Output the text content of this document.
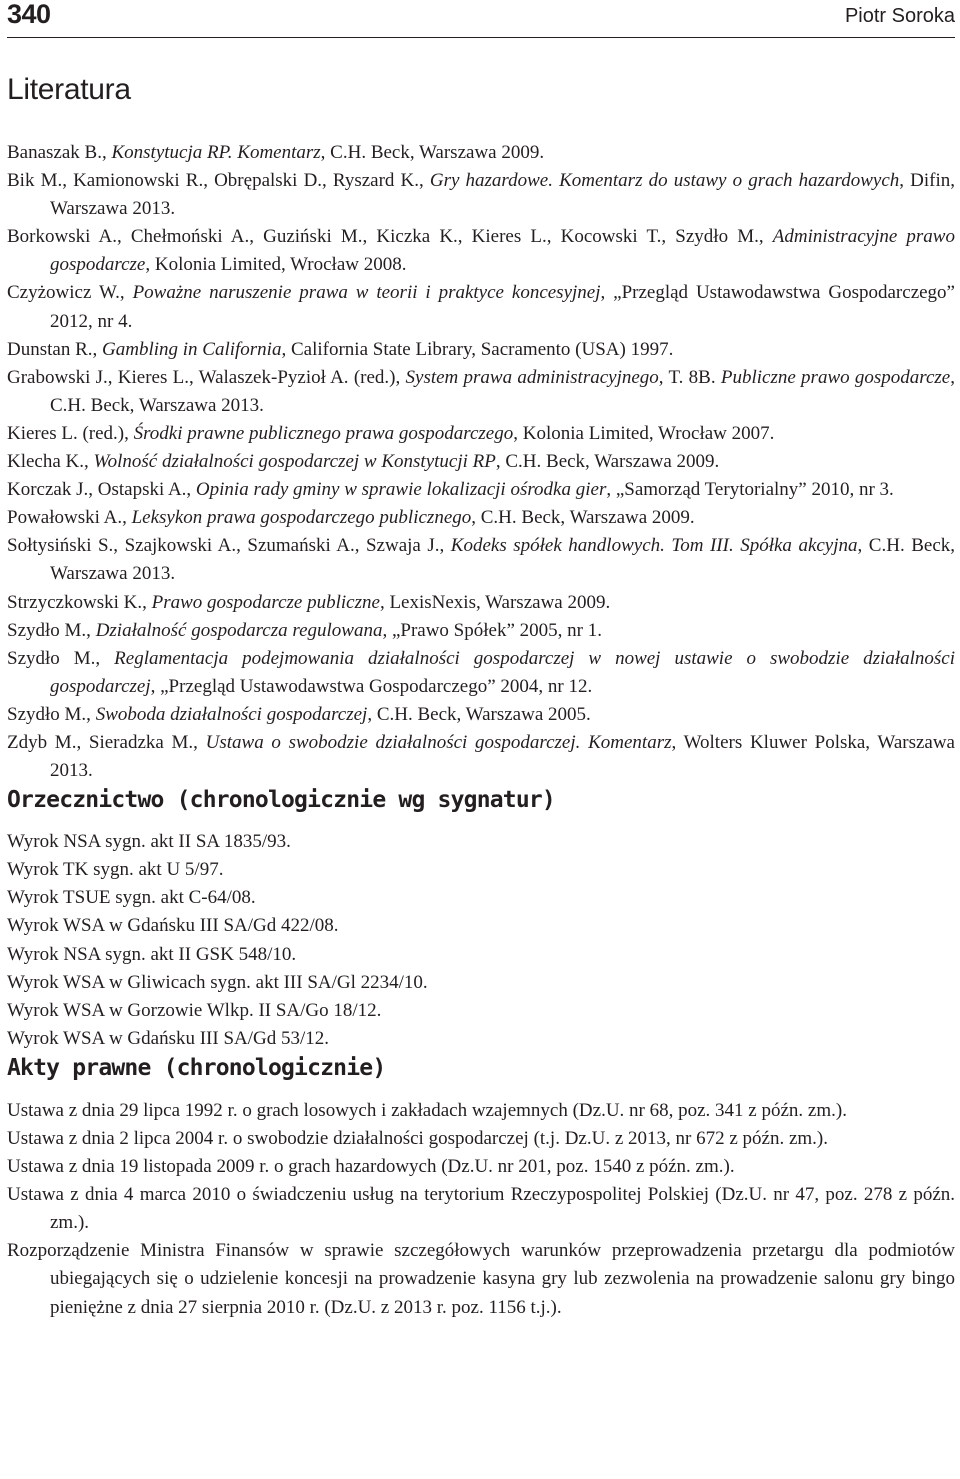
340	Piotr Soroka
Literatura
Banaszak B., Konstytucja RP. Komentarz, C.H. Beck, Warszawa 2009.
Bik M., Kamionowski R., Obrępalski D., Ryszard K., Gry hazardowe. Komentarz do ustawy o grach hazardowych, Difin, Warszawa 2013.
Borkowski A., Chełmoński A., Guziński M., Kiczka K., Kieres L., Kocowski T., Szydło M., Administracyjne prawo gospodarcze, Kolonia Limited, Wrocław 2008.
Czyżowicz W., Poważne naruszenie prawa w teorii i praktyce koncesyjnej, „Przegląd Ustawodawstwa Gospodarczego” 2012, nr 4.
Dunstan R., Gambling in California, California State Library, Sacramento (USA) 1997.
Grabowski J., Kieres L., Walaszek-Pyzioł A. (red.), System prawa administracyjnego, T. 8B. Publiczne prawo gospodarcze, C.H. Beck, Warszawa 2013.
Kieres L. (red.), Środki prawne publicznego prawa gospodarczego, Kolonia Limited, Wrocław 2007.
Klecha K., Wolność działalności gospodarczej w Konstytucji RP, C.H. Beck, Warszawa 2009.
Korczak J., Ostapski A., Opinia rady gminy w sprawie lokalizacji ośrodka gier, „Samorząd Terytorialny” 2010, nr 3.
Powałowski A., Leksykon prawa gospodarczego publicznego, C.H. Beck, Warszawa 2009.
Sołtysiński S., Szajkowski A., Szumański A., Szwaja J., Kodeks spółek handlowych. Tom III. Spółka akcyjna, C.H. Beck, Warszawa 2013.
Strzyczkowski K., Prawo gospodarcze publiczne, LexisNexis, Warszawa 2009.
Szydło M., Działalność gospodarcza regulowana, „Prawo Spółek” 2005, nr 1.
Szydło M., Reglamentacja podejmowania działalności gospodarczej w nowej ustawie o swobodzie działalności gospodarczej, „Przegląd Ustawodawstwa Gospodarczego” 2004, nr 12.
Szydło M., Swoboda działalności gospodarczej, C.H. Beck, Warszawa 2005.
Zdyb M., Sieradzka M., Ustawa o swobodzie działalności gospodarczej. Komentarz, Wolters Kluwer Polska, Warszawa 2013.
Orzecznictwo (chronologicznie wg sygnatur)
Wyrok NSA sygn. akt II SA 1835/93.
Wyrok TK sygn. akt U 5/97.
Wyrok TSUE sygn. akt C-64/08.
Wyrok WSA w Gdańsku III SA/Gd 422/08.
Wyrok NSA sygn. akt II GSK 548/10.
Wyrok WSA w Gliwicach sygn. akt III SA/Gl 2234/10.
Wyrok WSA w Gorzowie Wlkp. II SA/Go 18/12.
Wyrok WSA w Gdańsku III SA/Gd 53/12.
Akty prawne (chronologicznie)
Ustawa z dnia 29 lipca 1992 r. o grach losowych i zakładach wzajemnych (Dz.U. nr 68, poz. 341 z późn. zm.).
Ustawa z dnia 2 lipca 2004 r. o swobodzie działalności gospodarczej (t.j. Dz.U. z 2013, nr 672 z późn. zm.).
Ustawa z dnia 19 listopada 2009 r. o grach hazardowych (Dz.U. nr 201, poz. 1540 z późn. zm.).
Ustawa z dnia 4 marca 2010 o świadczeniu usług na terytorium Rzeczypospolitej Polskiej (Dz.U. nr 47, poz. 278 z późn. zm.).
Rozporządzenie Ministra Finansów w sprawie szczegółowych warunków przeprowadzenia przetargu dla podmiotów ubiegających się o udzielenie koncesji na prowadzenie kasyna gry lub zezwolenia na prowadzenie salonu gry bingo pieniężne z dnia 27 sierpnia 2010 r. (Dz.U. z 2013 r. poz. 1156 t.j.).
